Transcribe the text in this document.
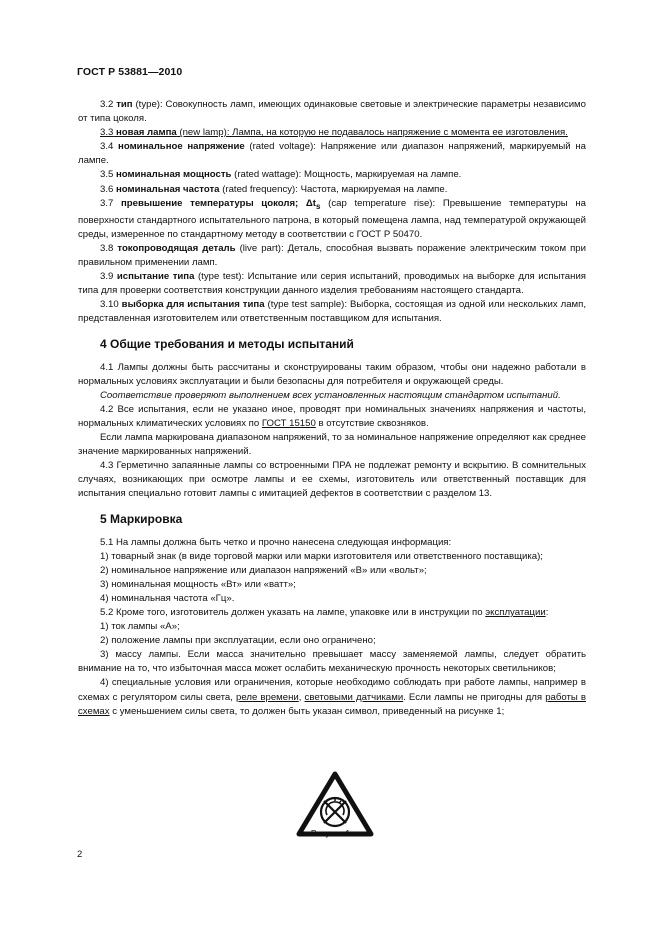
ГОСТ Р 53881—2010

3.2 тип (type): Совокупность ламп, имеющих одинаковые световые и электрические параметры независимо от типа цоколя.

3.3 новая лампа (new lamp): Лампа, на которую не подавалось напряжение с момента ее изготовления.

3.4 номинальное напряжение (rated voltage): Напряжение или диапазон напряжений, маркируемый на лампе.

3.5 номинальная мощность (rated wattage): Мощность, маркируемая на лампе.

3.6 номинальная частота (rated frequency): Частота, маркируемая на лампе.

3.7 превышение температуры цоколя; $\Delta t_s$ (cap temperature rise): Превышение температуры на поверхности стандартного испытательного патрона, в который помещена лампа, над температурой окружающей среды, измеренное по стандартному методу в соответствии с ГОСТ Р 50470.

3.8 токопроводящая деталь (live part): Деталь, способная вызвать поражение электрическим током при правильном применении ламп.

3.9 испытание типа (type test): Испытание или серия испытаний, проводимых на выборке для испытания типа для проверки соответствия конструкции данного изделия требованиям настоящего стандарта.

3.10 выборка для испытания типа (type test sample): Выборка, состоящая из одной или нескольких ламп, представленная изготовителем или ответственным поставщиком для испытания.

4 Общие требования и методы испытаний

4.1 Лампы должны быть рассчитаны и сконструированы таким образом, чтобы они надежно работали в нормальных условиях эксплуатации и были безопасны для потребителя и окружающей среды.

Соответствие проверяют выполнением всех установленных настоящим стандартом испытаний.

4.2 Все испытания, если не указано иное, проводят при номинальных значениях напряжения и частоты, нормальных климатических условиях по ГОСТ 15150 в отсутствие сквозняков.

Если лампа маркирована диапазоном напряжений, то за номинальное напряжение определяют как среднее значение маркированных напряжений.

4.3 Герметично запаянные лампы со встроенными ПРА не подлежат ремонту и вскрытию. В сомнительных случаях, возникающих при осмотре лампы и ее схемы, изготовитель или ответственный поставщик для испытания специально готовит лампы с имитацией дефектов в соответствии с разделом 13.

5 Маркировка

5.1 На лампы должна быть четко и прочно нанесена следующая информация:

1) товарный знак (в виде торговой марки или марки изготовителя или ответственного поставщика);

2) номинальное напряжение или диапазон напряжений «В» или «вольт»;

3) номинальная мощность «Вт» или «ватт»;

4) номинальная частота «Гц».

5.2 Кроме того, изготовитель должен указать на лампе, упаковке или в инструкции по эксплуатации:

1) ток лампы «А»;

2) положение лампы при эксплуатации, если оно ограничено;

3) массу лампы. Если масса значительно превышает массу заменяемой лампы, следует обратить внимание на то, что избыточная масса может ослабить механическую прочность некоторых светильников;

4) специальные условия или ограничения, которые необходимо соблюдать при работе лампы, например в схемах с регулятором силы света, реле времени, световыми датчиками. Если лампы не пригодны для работы в схемах с уменьшением силы света, то должен быть указан символ, приведенный на рисунке 1;

Рисунок 1
2
